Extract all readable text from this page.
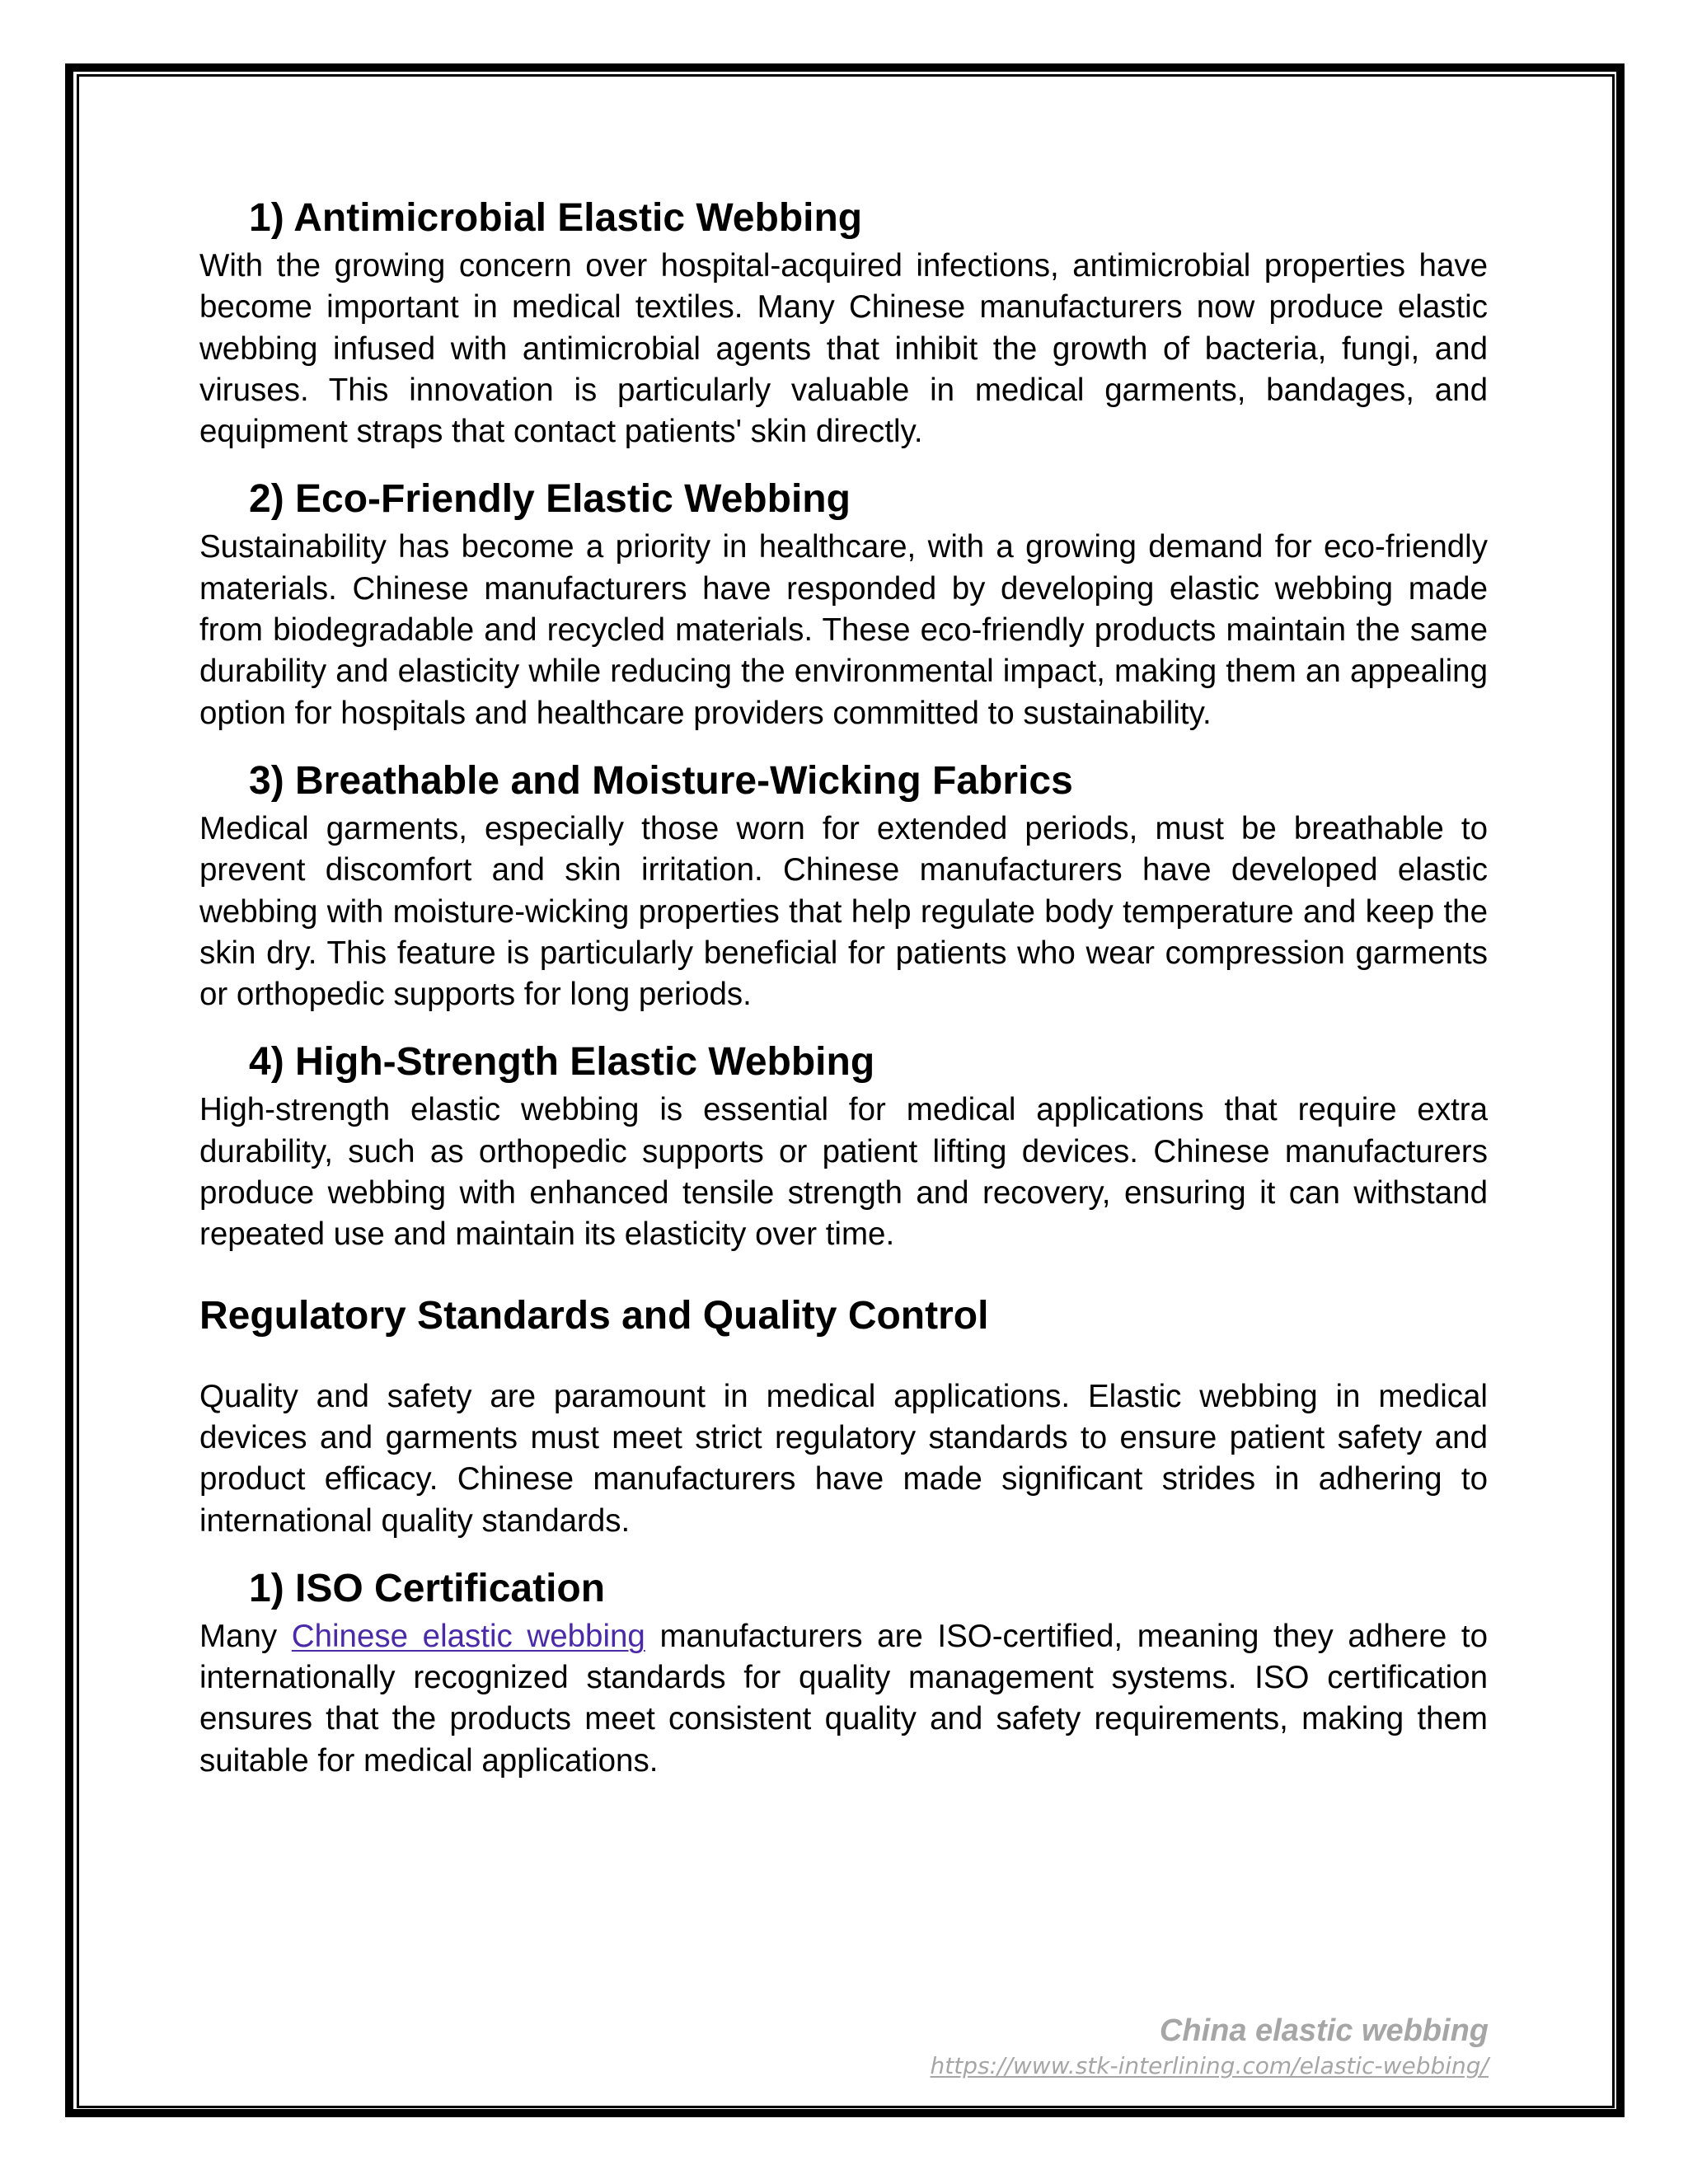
1) Antimicrobial Elastic Webbing

With the growing concern over hospital-acquired infections, antimicrobial properties have become important in medical textiles. Many Chinese manufacturers now produce elastic webbing infused with antimicrobial agents that inhibit the growth of bacteria, fungi, and viruses. This innovation is particularly valuable in medical garments, bandages, and equipment straps that contact patients' skin directly.

2) Eco-Friendly Elastic Webbing

Sustainability has become a priority in healthcare, with a growing demand for eco-friendly materials. Chinese manufacturers have responded by developing elastic webbing made from biodegradable and recycled materials. These eco-friendly products maintain the same durability and elasticity while reducing the environmental impact, making them an appealing option for hospitals and healthcare providers committed to sustainability.

3) Breathable and Moisture-Wicking Fabrics

Medical garments, especially those worn for extended periods, must be breathable to prevent discomfort and skin irritation. Chinese manufacturers have developed elastic webbing with moisture-wicking properties that help regulate body temperature and keep the skin dry. This feature is particularly beneficial for patients who wear compression garments or orthopedic supports for long periods.

4) High-Strength Elastic Webbing

High-strength elastic webbing is essential for medical applications that require extra durability, such as orthopedic supports or patient lifting devices. Chinese manufacturers produce webbing with enhanced tensile strength and recovery, ensuring it can withstand repeated use and maintain its elasticity over time.

Regulatory Standards and Quality Control

Quality and safety are paramount in medical applications. Elastic webbing in medical devices and garments must meet strict regulatory standards to ensure patient safety and product efficacy. Chinese manufacturers have made significant strides in adhering to international quality standards.

1) ISO Certification

Many Chinese elastic webbing manufacturers are ISO-certified, meaning they adhere to internationally recognized standards for quality management systems. ISO certification ensures that the products meet consistent quality and safety requirements, making them suitable for medical applications.

China elastic webbing
https://www.stk-interlining.com/elastic-webbing/
